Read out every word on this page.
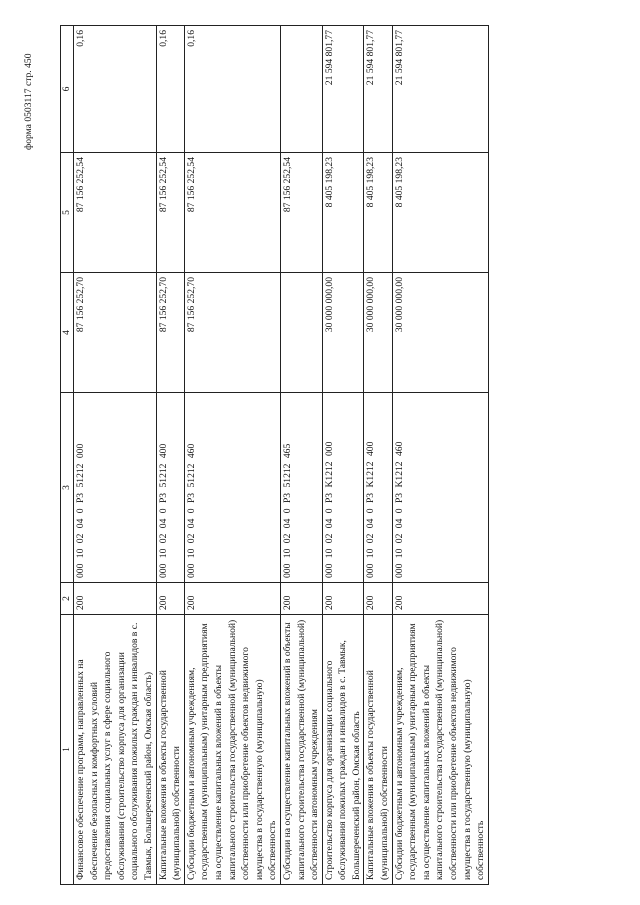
форма 0503117 стр. 450
1	2	3	4	5	6
Финансовое обеспечение программ, направленных на обеспечение безопасных и комфортных условий предоставления социальных услуг в сфере социального обслуживания (строительство корпуса для организации социального обслуживания пожилых граждан и инвалидов в с. Тавмык, Большереченский район, Омская область)	200	000 10 02 04 0 P3 51212 000	87 156 252,70	87 156 252,54	0,16
Капитальные вложения в объекты государственной (муниципальной) собственности	200	000 10 02 04 0 P3 51212 400	87 156 252,70	87 156 252,54	0,16
Субсидии бюджетным и автономным учреждениям, государственным (муниципальным) унитарным предприятиям на осуществление капитальных вложений в объекты капитального строительства государственной (муниципальной) собственности или приобретение объектов недвижимого имущества в государственную (муниципальную) собственность	200	000 10 02 04 0 P3 51212 460	87 156 252,70	87 156 252,54	0,16
Субсидии на осуществление капитальных вложений в объекты капитального строительства государственной (муниципальной) собственности автономным учреждениям	200	000 10 02 04 0 P3 51212 465		87 156 252,54	
Строительство корпуса для организации социального обслуживания пожилых граждан и инвалидов в с. Тавмык, Большереченский район, Омская область	200	000 10 02 04 0 P3 K1212 000	30 000 000,00	8 405 198,23	21 594 801,77
Капитальные вложения в объекты государственной (муниципальной) собственности	200	000 10 02 04 0 P3 K1212 400	30 000 000,00	8 405 198,23	21 594 801,77
Субсидии бюджетным и автономным учреждениям, государственным (муниципальным) унитарным предприятиям на осуществление капитальных вложений в объекты капитального строительства государственной (муниципальной) собственности или приобретение объектов недвижимого имущества в государственную (муниципальную) собственность	200	000 10 02 04 0 P3 K1212 460	30 000 000,00	8 405 198,23	21 594 801,77
